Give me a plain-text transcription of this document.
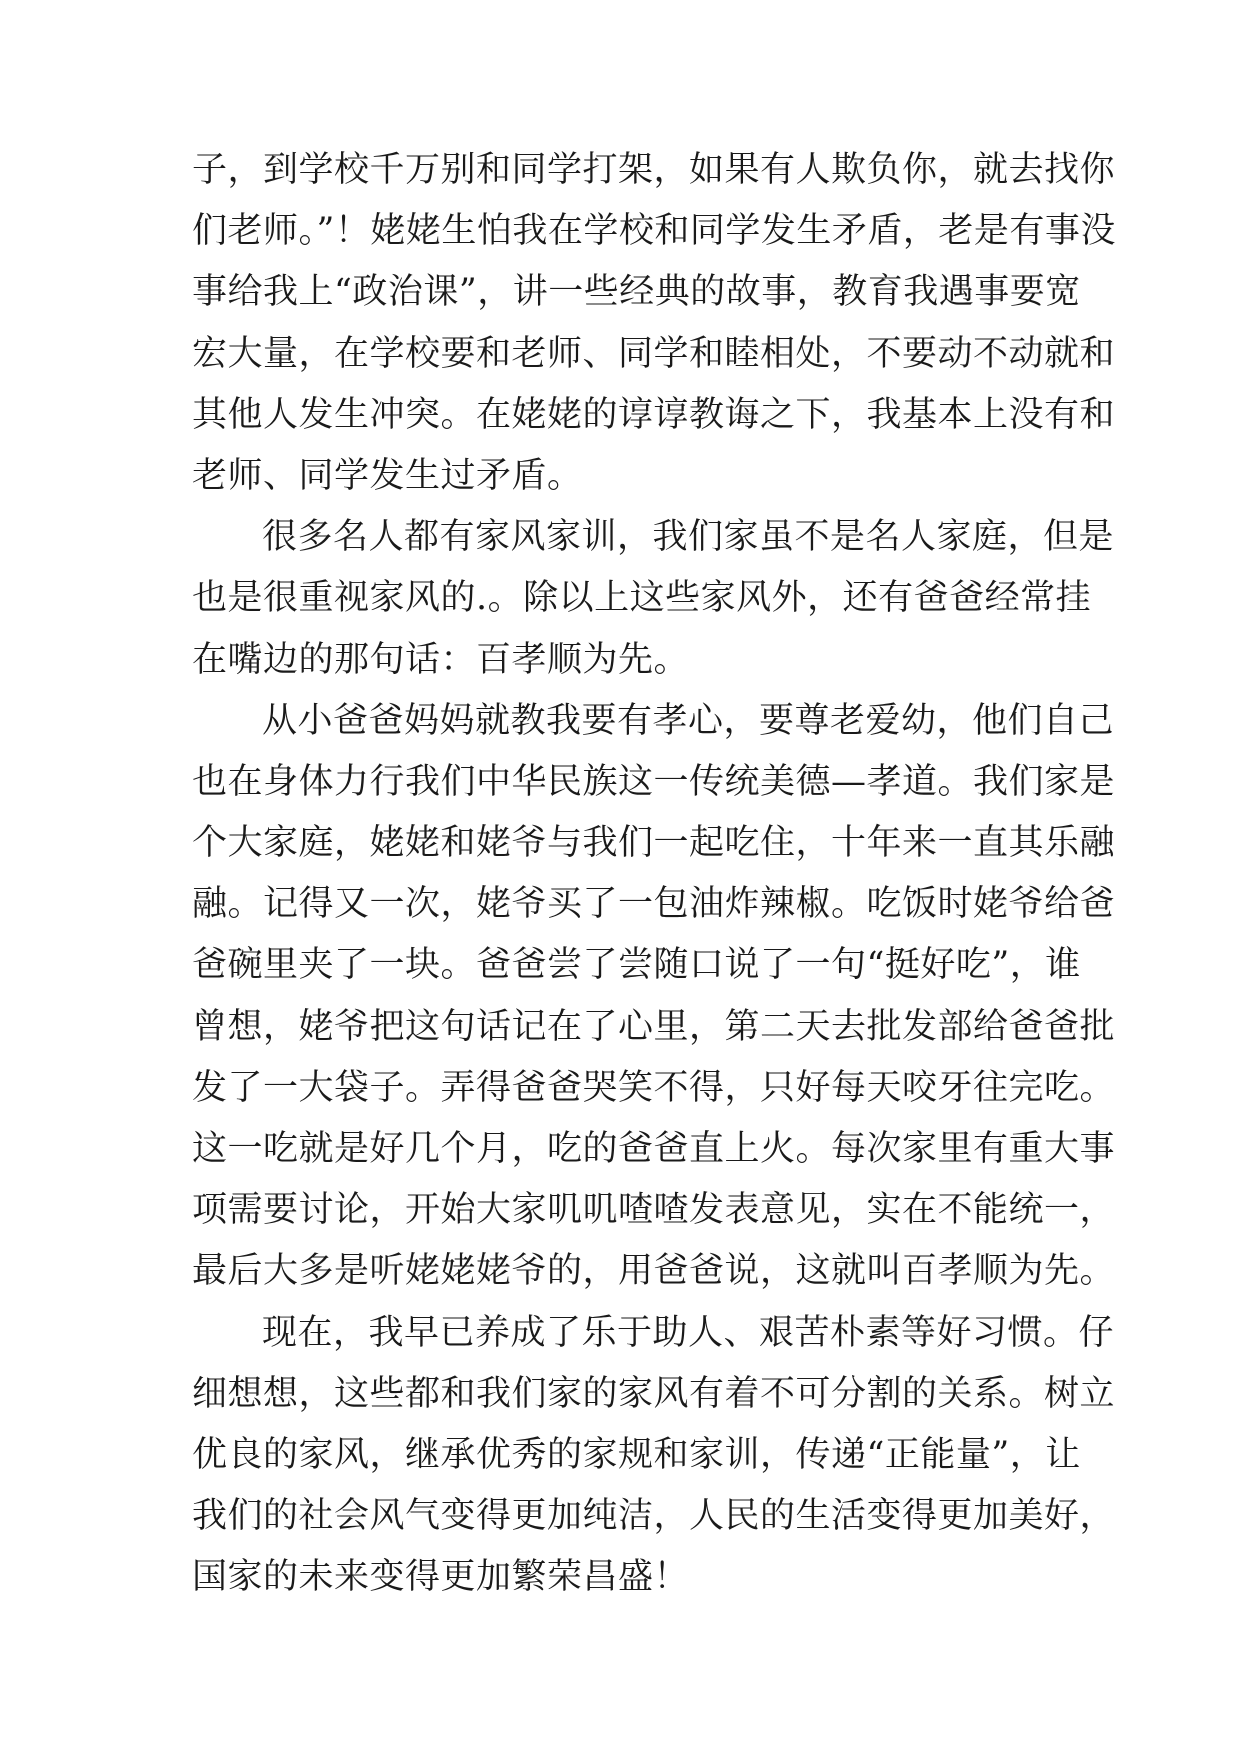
子，到学校千万别和同学打架，如果有人欺负你，就去找你
们老师。”！姥姥生怕我在学校和同学发生矛盾，老是有事没
事给我上“政治课”，讲一些经典的故事，教育我遇事要宽
宏大量，在学校要和老师、同学和睦相处，不要动不动就和
其他人发生冲突。在姥姥的谆谆教诲之下，我基本上没有和
老师、同学发生过矛盾。
很多名人都有家风家训，我们家虽不是名人家庭，但是
也是很重视家风的.。除以上这些家风外，还有爸爸经常挂
在嘴边的那句话：百孝顺为先。
从小爸爸妈妈就教我要有孝心，要尊老爱幼，他们自己
也在身体力行我们中华民族这一传统美德—孝道。我们家是
个大家庭，姥姥和姥爷与我们一起吃住，十年来一直其乐融
融。记得又一次，姥爷买了一包油炸辣椒。吃饭时姥爷给爸
爸碗里夹了一块。爸爸尝了尝随口说了一句“挺好吃”，谁
曾想，姥爷把这句话记在了心里，第二天去批发部给爸爸批
发了一大袋子。弄得爸爸哭笑不得，只好每天咬牙往完吃。
这一吃就是好几个月，吃的爸爸直上火。每次家里有重大事
项需要讨论，开始大家叽叽喳喳发表意见，实在不能统一，
最后大多是听姥姥姥爷的，用爸爸说，这就叫百孝顺为先。
现在，我早已养成了乐于助人、艰苦朴素等好习惯。仔
细想想，这些都和我们家的家风有着不可分割的关系。树立
优良的家风，继承优秀的家规和家训，传递“正能量”，让
我们的社会风气变得更加纯洁，人民的生活变得更加美好，
国家的未来变得更加繁荣昌盛！
